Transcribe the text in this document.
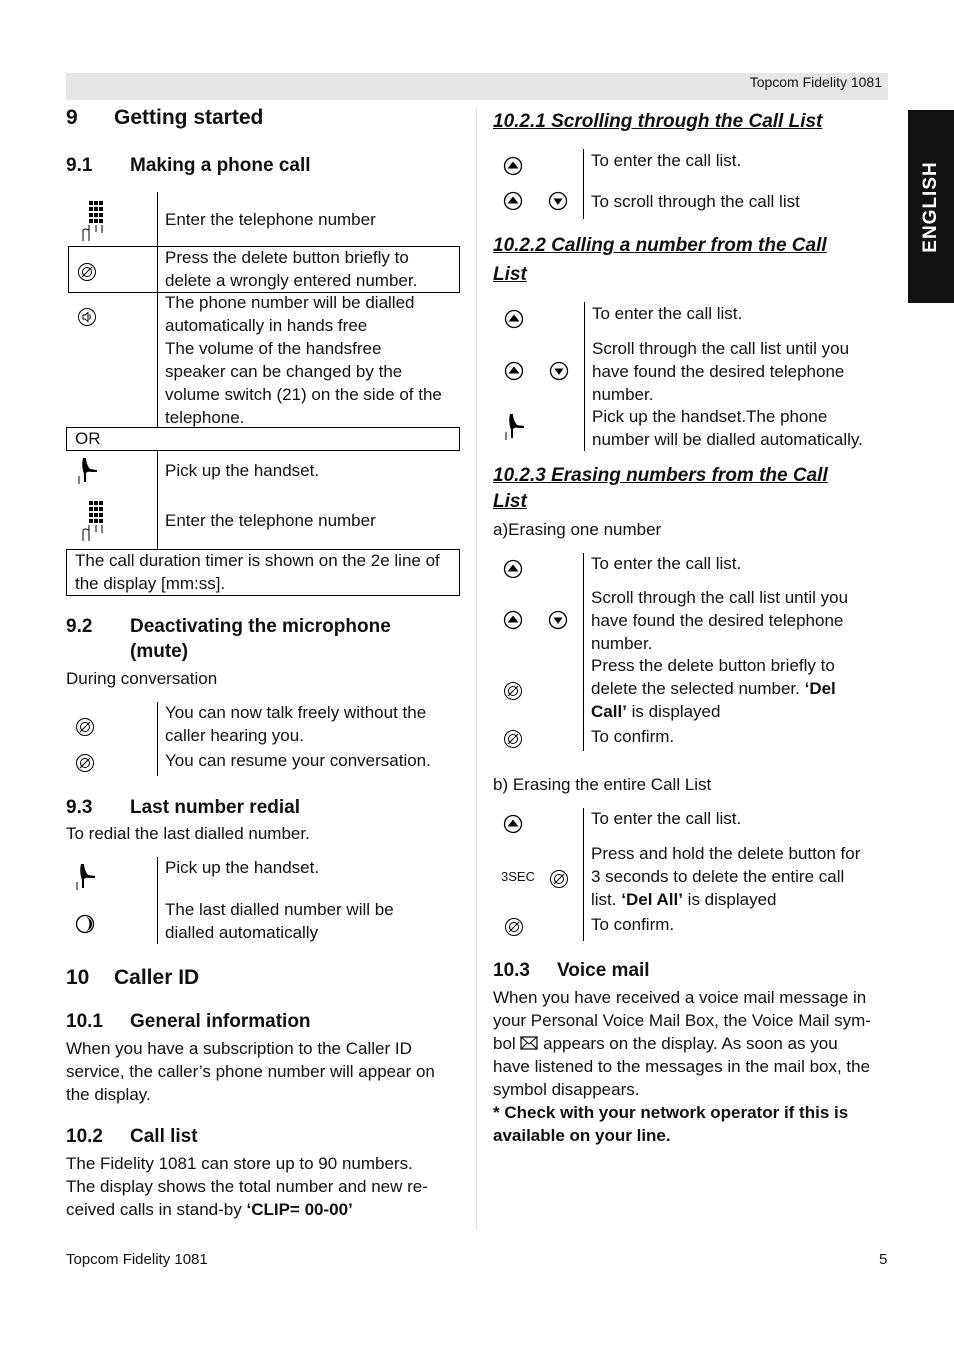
Topcom Fidelity 1081
ENGLISH
9 Getting started
9.1 Making a phone call
Enter the telephone number
Press the delete button briefly to delete a wrongly entered number.
The phone number will be dialled
automatically in hands free
The volume of the handsfree
speaker can be changed by the
volume switch (21) on the side of the
telephone.
OR
Pick up the handset.
Enter the telephone number
The call duration timer is shown on the 2e line of
the display [mm:ss].
9.2 Deactivating the microphone
(mute)
During conversation
You can now talk freely without the
caller hearing you.
You can resume your conversation.
9.3 Last number redial
To redial the last dialled number.
Pick up the handset.
The last dialled number will be
dialled automatically
10 Caller ID
10.1 General information
When you have a subscription to the Caller ID
service, the caller’s phone number will appear on
the display.
10.2 Call list
The Fidelity 1081 can store up to 90 numbers.
The display shows the total number and new re-
ceived calls in stand-by ‘CLIP= 00-00’
10.2.1 Scrolling through the Call List
To enter the call list.
To scroll through the call list
10.2.2 Calling a number from the Call
List
To enter the call list.
Scroll through the call list until you
have found the desired telephone
number.
Pick up the handset.The phone
number will be dialled automatically.
10.2.3 Erasing numbers from the Call
List
a)Erasing one number
To enter the call list.
Scroll through the call list until you
have found the desired telephone
number.
Press the delete button briefly to
delete the selected number. ‘Del
Call’ is displayed
To confirm.
b) Erasing the entire Call List
To enter the call list.
3SEC
Press and hold the delete button for
3 seconds to delete the entire call
list. ‘Del All’ is displayed
To confirm.
10.3 Voice mail
When you have received a voice mail message in
your Personal Voice Mail Box, the Voice Mail sym-
bol  appears on the display. As soon as you
have listened to the messages in the mail box, the
symbol disappears.
* Check with your network operator if this is
available on your line.
Topcom Fidelity 1081	5
